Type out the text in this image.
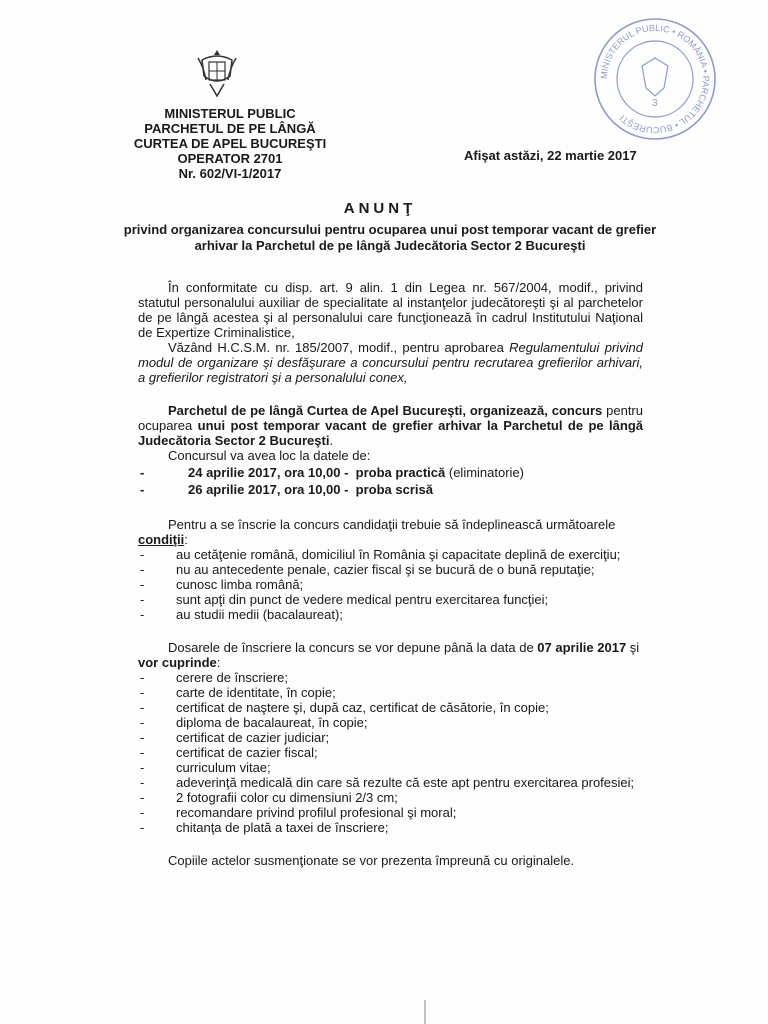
MINISTERUL PUBLIC
PARCHETUL DE PE LÂNGĂ
CURTEA DE APEL BUCUREŞTI
OPERATOR 2701
Nr. 602/VI-1/2017
Afişat astăzi, 22 martie 2017
MINISTERUL PUBLIC • ROMÂNIA • PARCHETUL • BUCUREŞTI
3
ANUNŢ
privind organizarea concursului pentru ocuparea unui post temporar vacant de grefier arhivar la Parchetul de pe lângă Judecătoria Sector 2 Bucureşti

În conformitate cu disp. art. 9 alin. 1 din Legea nr. 567/2004, modif., privind statutul personalului auxiliar de specialitate al instanţelor judecătoreşti şi al parchetelor de pe lângă acestea şi al personalului care funcţionează în cadrul Institutului Naţional de Expertize Criminalistice,

Văzând H.C.S.M. nr. 185/2007, modif., pentru aprobarea Regulamentului privind modul de organizare şi desfăşurare a concursului pentru recrutarea grefierilor arhivari, a grefierilor registratori şi a personalului conex,

Parchetul de pe lângă Curtea de Apel Bucureşti, organizează, concurs pentru ocuparea unui post temporar vacant de grefier arhivar la Parchetul de pe lângă Judecătoria Sector 2 Bucureşti.

Concursul va avea loc la datele de:

- 24 aprilie 2017, ora 10,00 - proba practică (eliminatorie)
- 26 aprilie 2017, ora 10,00 - proba scrisă

Pentru a se înscrie la concurs candidaţii trebuie să îndeplinească următoarele condiţii:

- au cetăţenie română, domiciliul în România şi capacitate deplină de exerciţiu;
- nu au antecedente penale, cazier fiscal şi se bucură de o bună reputaţie;
- cunosc limba română;
- sunt apţi din punct de vedere medical pentru exercitarea funcţiei;
- au studii medii (bacalaureat);

Dosarele de înscriere la concurs se vor depune până la data de 07 aprilie 2017 şi vor cuprinde:

- cerere de înscriere;
- carte de identitate, în copie;
- certificat de naştere şi, după caz, certificat de căsătorie, în copie;
- diploma de bacalaureat, în copie;
- certificat de cazier judiciar;
- certificat de cazier fiscal;
- curriculum vitae;
- adeverinţă medicală din care să rezulte că este apt pentru exercitarea profesiei;
- 2 fotografii color cu dimensiuni 2/3 cm;
- recomandare privind profilul profesional şi moral;
- chitanţa de plată a taxei de înscriere;

Copiile actelor susmenţionate se vor prezenta împreună cu originalele.
